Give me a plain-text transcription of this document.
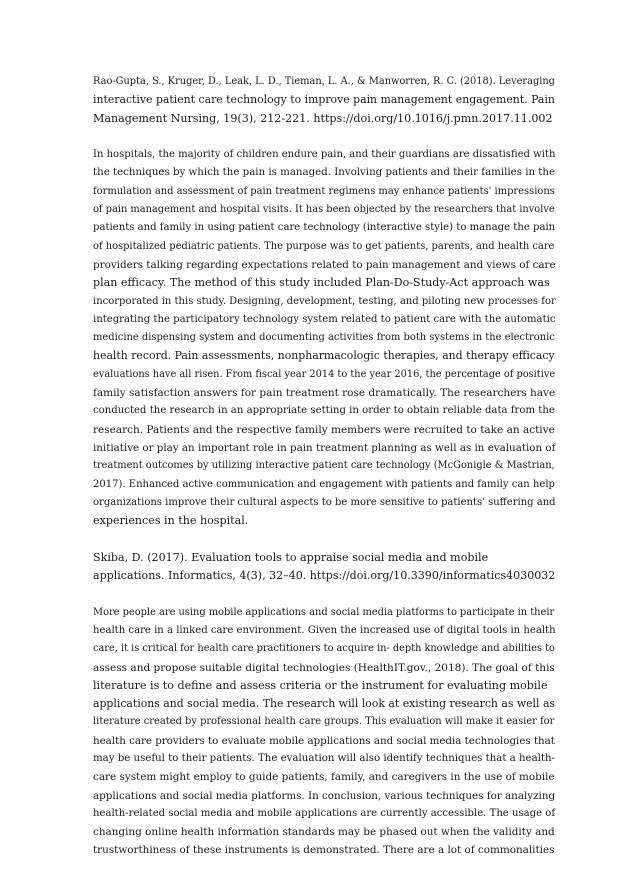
Rao-Gupta, S., Kruger, D., Leak, L. D., Tieman, L. A., & Manworren, R. C. (2018). Leveraging
interactive patient care technology to improve pain management engagement. Pain
Management Nursing, 19(3), 212-221. https://doi.org/10.1016/j.pmn.2017.11.002

In hospitals, the majority of children endure pain, and their guardians are dissatisfied with
the techniques by which the pain is managed. Involving patients and their families in the
formulation and assessment of pain treatment regimens may enhance patients' impressions
of pain management and hospital visits. It has been objected by the researchers that involve
patients and family in using patient care technology (interactive style) to manage the pain
of hospitalized pediatric patients. The purpose was to get patients, parents, and health care
providers talking regarding expectations related to pain management and views of care
plan efficacy. The method of this study included Plan-Do-Study-Act approach was
incorporated in this study. Designing, development, testing, and piloting new processes for
integrating the participatory technology system related to patient care with the automatic
medicine dispensing system and documenting activities from both systems in the electronic
health record. Pain assessments, nonpharmacologic therapies, and therapy efficacy
evaluations have all risen. From fiscal year 2014 to the year 2016, the percentage of positive
family satisfaction answers for pain treatment rose dramatically. The researchers have
conducted the research in an appropriate setting in order to obtain reliable data from the
research. Patients and the respective family members were recruited to take an active
initiative or play an important role in pain treatment planning as well as in evaluation of
treatment outcomes by utilizing interactive patient care technology (McGonigle & Mastrian,
2017). Enhanced active communication and engagement with patients and family can help
organizations improve their cultural aspects to be more sensitive to patients' suffering and
experiences in the hospital.

Skiba, D. (2017). Evaluation tools to appraise social media and mobile
applications. Informatics, 4(3), 32–40. https://doi.org/10.3390/informatics4030032

More people are using mobile applications and social media platforms to participate in their
health care in a linked care environment. Given the increased use of digital tools in health
care, it is critical for health care practitioners to acquire in- depth knowledge and abilities to
assess and propose suitable digital technologies (HealthIT.gov., 2018). The goal of this
literature is to define and assess criteria or the instrument for evaluating mobile
applications and social media. The research will look at existing research as well as
literature created by professional health care groups. This evaluation will make it easier for
health care providers to evaluate mobile applications and social media technologies that
may be useful to their patients. The evaluation will also identify techniques that a health-
care system might employ to guide patients, family, and caregivers in the use of mobile
applications and social media platforms. In conclusion, various techniques for analyzing
health-related social media and mobile applications are currently accessible. The usage of
changing online health information standards may be phased out when the validity and
trustworthiness of these instruments is demonstrated. There are a lot of commonalities
